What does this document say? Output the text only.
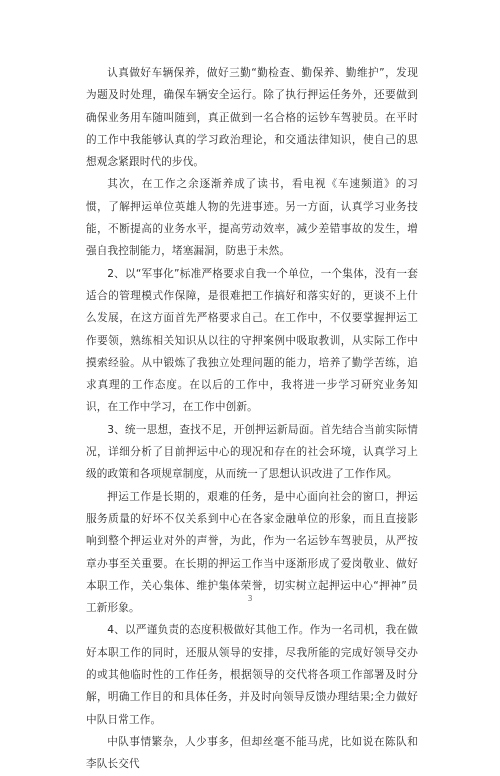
认真做好车辆保养，做好三勤“勤检查、勤保养、勤维护”，发现为题及时处理，确保车辆安全运行。除了执行押运任务外，还要做到确保业务用车随叫随到，真正做到一名合格的运钞车驾驶员。在平时的工作中我能够认真的学习政治理论，和交通法律知识，使自己的思想观念紧跟时代的步伐。

其次，在工作之余逐渐养成了读书，看电视《车速频道》的习惯，了解押运单位英雄人物的先进事迹。另一方面，认真学习业务技能，不断提高的业务水平，提高劳动效率，减少差错事故的发生，增强自我控制能力，堵塞漏洞，防患于未然。

2、以“军事化”标准严格要求自我一个单位，一个集体，没有一套适合的管理模式作保障，是很难把工作搞好和落实好的，更谈不上什么发展，在这方面首先严格要求自己。在工作中，不仅要掌握押运工作要领，熟练相关知识从以往的守押案例中吸取教训，从实际工作中摸索经验。从中锻炼了我独立处理问题的能力，培养了勤学苦练，追求真理的工作态度。在以后的工作中，我将进一步学习研究业务知识，在工作中学习，在工作中创新。

3、统一思想，查找不足，开创押运新局面。首先结合当前实际情况，详细分析了目前押运中心的现况和存在的社会环境，认真学习上级的政策和各项规章制度，从而统一了思想认识改进了工作作风。

押运工作是长期的，艰难的任务，是中心面向社会的窗口，押运服务质量的好坏不仅关系到中心在各家金融单位的形象，而且直接影响到整个押运业对外的声誉，为此，作为一名运钞车驾驶员，从严按章办事至关重要。在长期的押运工作当中逐渐形成了爱岗敬业、做好本职工作，关心集体、维护集体荣誉，切实树立起押运中心“押神”员工新形象。

4、以严谨负责的态度积极做好其他工作。作为一名司机，我在做好本职工作的同时，还服从领导的安排，尽我所能的完成好领导交办的或其他临时性的工作任务，根据领导的交代将各项工作部署及时分解，明确工作目的和具体任务，并及时向领导反馈办理结果;全力做好中队日常工作。

中队事情繁杂，人少事多，但却丝毫不能马虎，比如说在陈队和李队长交代

3
